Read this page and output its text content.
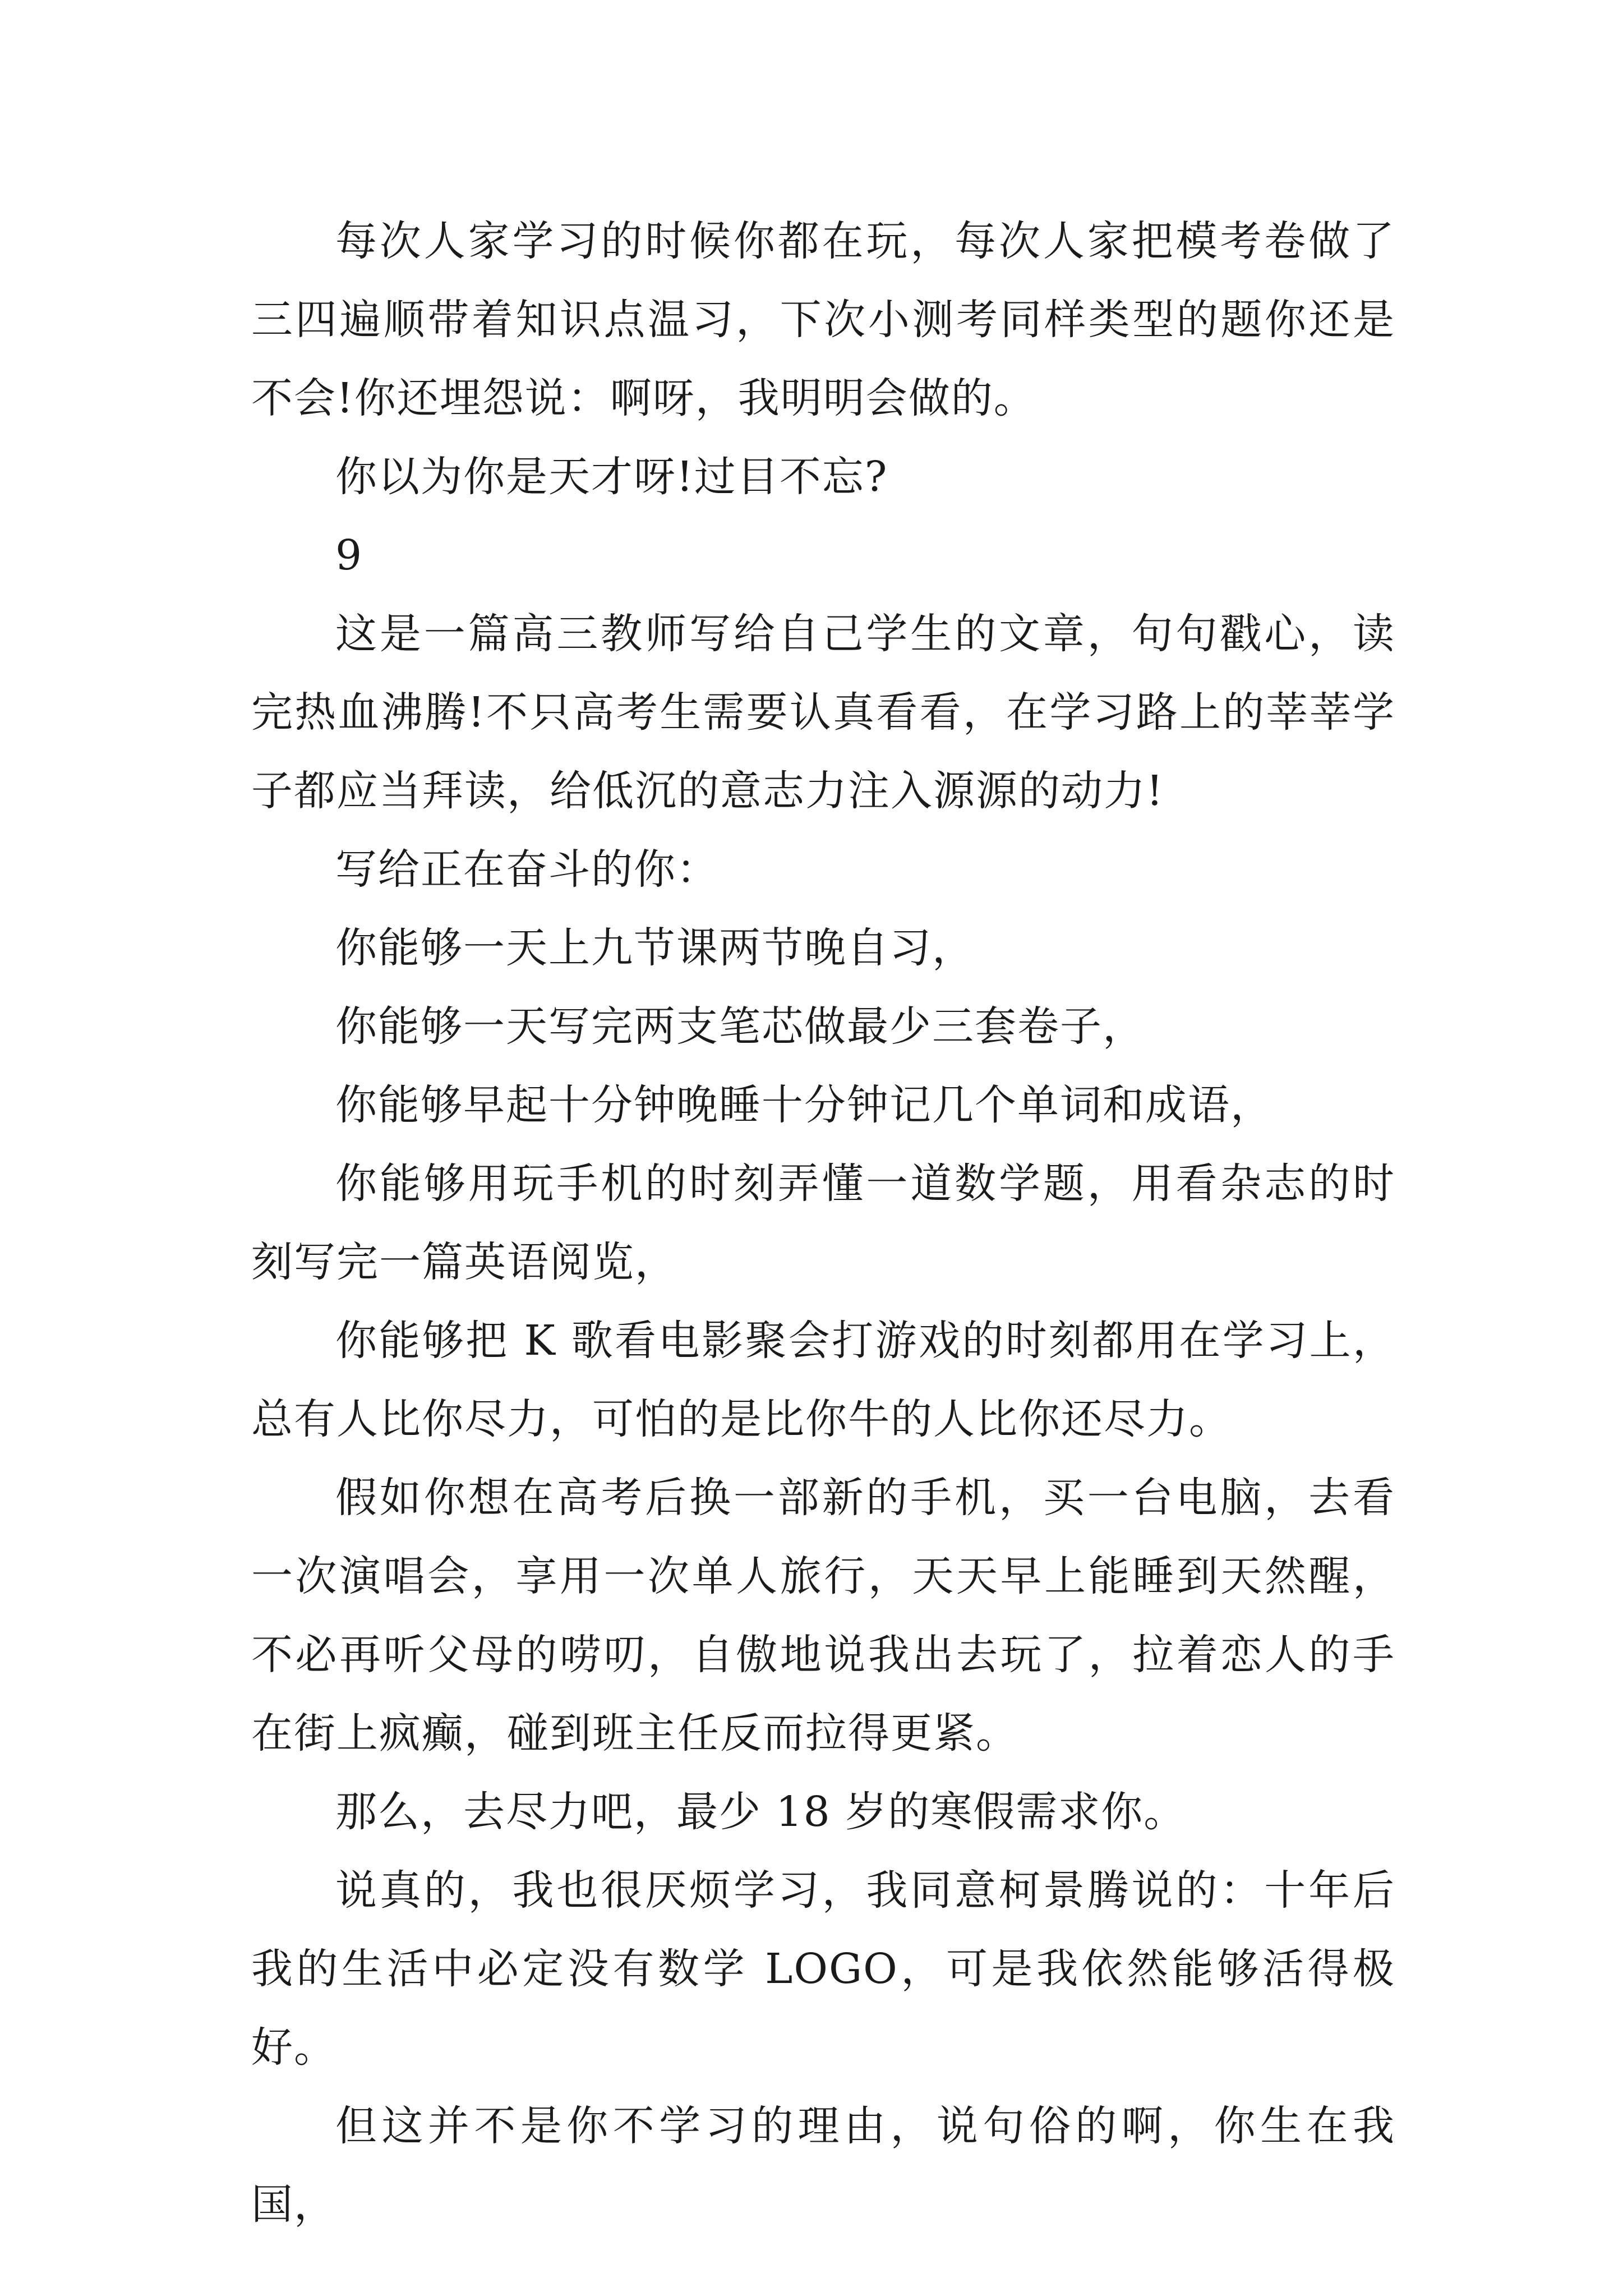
每次人家学习的时候你都在玩，每次人家把模考卷做了三四遍顺带着知识点温习，下次小测考同样类型的题你还是不会!你还埋怨说：啊呀，我明明会做的。

你以为你是天才呀!过目不忘?

9

这是一篇高三教师写给自己学生的文章，句句戳心，读完热血沸腾!不只高考生需要认真看看，在学习路上的莘莘学子都应当拜读，给低沉的意志力注入源源的动力!

写给正在奋斗的你：

你能够一天上九节课两节晚自习，

你能够一天写完两支笔芯做最少三套卷子，

你能够早起十分钟晚睡十分钟记几个单词和成语，

你能够用玩手机的时刻弄懂一道数学题，用看杂志的时刻写完一篇英语阅览，

你能够把 K 歌看电影聚会打游戏的时刻都用在学习上，总有人比你尽力，可怕的是比你牛的人比你还尽力。

假如你想在高考后换一部新的手机，买一台电脑，去看一次演唱会，享用一次单人旅行，天天早上能睡到天然醒，不必再听父母的唠叨，自傲地说我出去玩了，拉着恋人的手在街上疯癫，碰到班主任反而拉得更紧。

那么，去尽力吧，最少 18 岁的寒假需求你。

说真的，我也很厌烦学习，我同意柯景腾说的：十年后我的生活中必定没有数学 LOGO，可是我依然能够活得极好。

但这并不是你不学习的理由，说句俗的啊，你生在我国，
